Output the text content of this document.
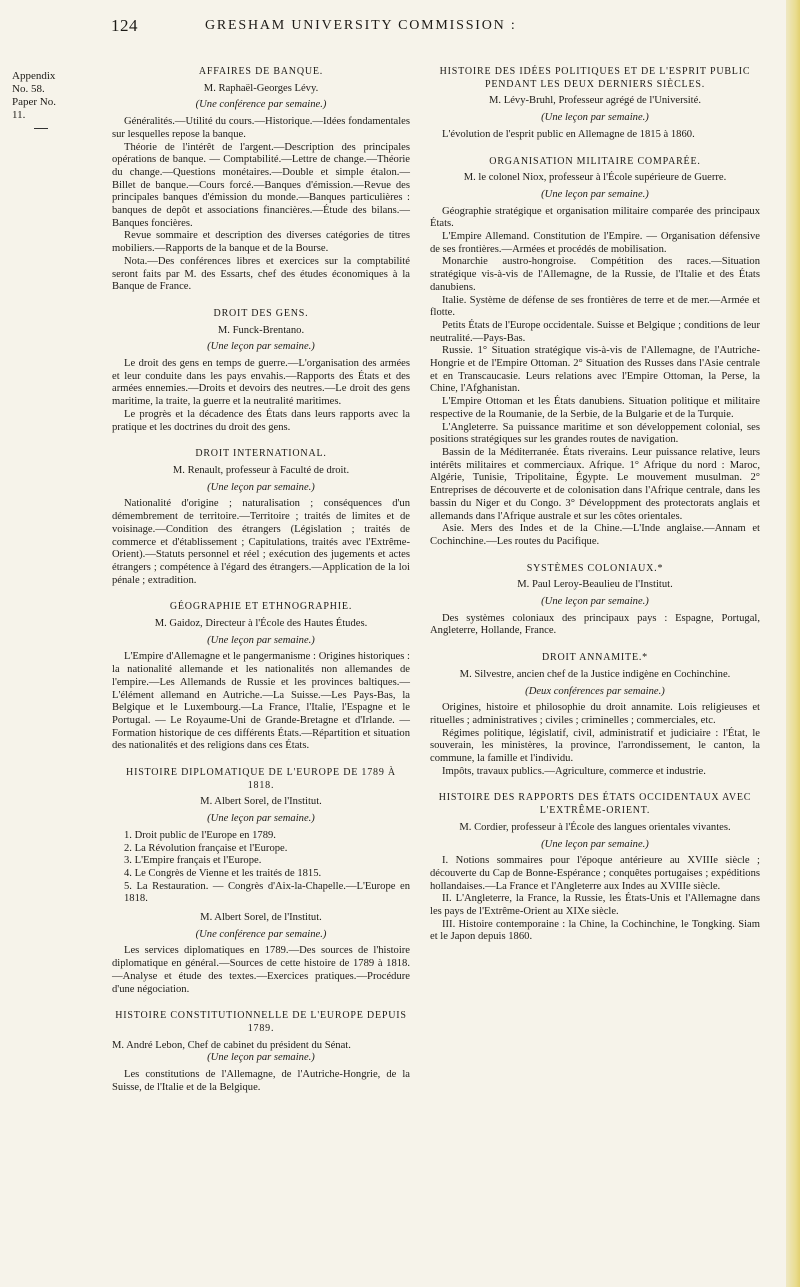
124	GRESHAM UNIVERSITY COMMISSION :
Appendix
No. 58.
Paper No. 11.
AFFAIRES DE BANQUE.
M. Raphaël-Georges Lévy.
(Une conférence par semaine.)

Généralités.—Utilité du cours.—Historique.—Idées fondamentales sur lesquelles repose la banque.

Théorie de l'intérêt de l'argent.—Description des principales opérations de banque. — Comptabilité.—Lettre de change.—Théorie du change.—Questions monétaires.—Double et simple étalon.—Billet de banque.—Cours forcé.—Banques d'émission.—Revue des principales banques d'émission du monde.—Banques particulières : banques de depôt et associations financières.—Étude des bilans.—Banques foncières.

Revue sommaire et description des diverses catégories de titres mobiliers.—Rapports de la banque et de la Bourse.

Nota.—Des conférences libres et exercices sur la comptabilité seront faits par M. des Essarts, chef des études économiques à la Banque de France.

DROIT DES GENS.
M. Funck-Brentano.
(Une leçon par semaine.)

Le droit des gens en temps de guerre.—L'organisation des armées et leur conduite dans les pays envahis.—Rapports des États et des armées ennemies.—Droits et devoirs des neutres.—Le droit des gens maritime, la traite, la guerre et la neutralité maritimes.

Le progrès et la décadence des États dans leurs rapports avec la pratique et les doctrines du droit des gens.

DROIT INTERNATIONAL.
M. Renault, professeur à Faculté de droit.
(Une leçon par semaine.)

Nationalité d'origine ; naturalisation ; conséquences d'un démembrement de territoire.—Territoire ; traités de limites et de voisinage.—Condition des étrangers (Législation ; traités de commerce et d'établissement ; Capitulations, traités avec l'Extrême-Orient).—Statuts personnel et réel ; exécution des jugements et actes étrangers ; compétence à l'égard des étrangers.—Application de la loi pénale ; extradition.

GÉOGRAPHIE ET ETHNOGRAPHIE.
M. Gaidoz, Directeur à l'École des Hautes Études.
(Une leçon par semaine.)

L'Empire d'Allemagne et le pangermanisme : Origines historiques : la nationalité allemande et les nationalités non allemandes de l'empire.—Les Allemands de Russie et les provinces baltiques.—L'élément allemand en Autriche.—La Suisse.—Les Pays-Bas, la Belgique et le Luxembourg.—La France, l'Italie, l'Espagne et le Portugal. — Le Royaume-Uni de Grande-Bretagne et d'Irlande. — Formation historique de ces différents États.—Répartition et situation des nationalités et des religions dans ces États.

HISTOIRE DIPLOMATIQUE DE L'EUROPE DE 1789 À 1818.
M. Albert Sorel, de l'Institut.
(Une leçon par semaine.)
1. Droit public de l'Europe en 1789.
2. La Révolution française et l'Europe.
3. L'Empire français et l'Europe.
4. Le Congrès de Vienne et les traités de 1815.
5. La Restauration. — Congrès d'Aix-la-Chapelle.—L'Europe en 1818.
M. Albert Sorel, de l'Institut.
(Une conférence par semaine.)

Les services diplomatiques en 1789.—Des sources de l'histoire diplomatique en général.—Sources de cette histoire de 1789 à 1818.—Analyse et étude des textes.—Exercices pratiques.—Procédure d'une négociation.

HISTOIRE CONSTITUTIONNELLE DE L'EUROPE DEPUIS 1789.

M. André Lebon, Chef de cabinet du président du Sénat.

(Une leçon par semaine.)

Les constitutions de l'Allemagne, de l'Autriche-Hongrie, de la Suisse, de l'Italie et de la Belgique.

HISTOIRE DES IDÉES POLITIQUES ET DE L'ESPRIT PUBLIC PENDANT LES DEUX DERNIERS SIÈCLES.
M. Lévy-Bruhl, Professeur agrégé de l'Université.
(Une leçon par semaine.)

L'évolution de l'esprit public en Allemagne de 1815 à 1860.

ORGANISATION MILITAIRE COMPARÉE.
M. le colonel Niox, professeur à l'École supérieure de Guerre.
(Une leçon par semaine.)

Géographie stratégique et organisation militaire comparée des principaux États.

L'Empire Allemand. Constitution de l'Empire. — Organisation défensive de ses frontières.—Armées et procédés de mobilisation.

Monarchie austro-hongroise. Compétition des races.—Situation stratégique vis-à-vis de l'Allemagne, de la Russie, de l'Italie et des États danubiens.

Italie. Système de défense de ses frontières de terre et de mer.—Armée et flotte.

Petits États de l'Europe occidentale. Suisse et Belgique ; conditions de leur neutralité.—Pays-Bas.

Russie. 1° Situation stratégique vis-à-vis de l'Allemagne, de l'Autriche-Hongrie et de l'Empire Ottoman. 2° Situation des Russes dans l'Asie centrale et en Transcaucasie. Leurs relations avec l'Empire Ottoman, la Perse, la Chine, l'Afghanistan.

L'Empire Ottoman et les États danubiens. Situation politique et militaire respective de la Roumanie, de la Serbie, de la Bulgarie et de la Turquie.

L'Angleterre. Sa puissance maritime et son développement colonial, ses positions stratégiques sur les grandes routes de navigation.

Bassin de la Méditerranée. États riverains. Leur puissance relative, leurs intérêts militaires et commerciaux. Afrique. 1° Afrique du nord : Maroc, Algérie, Tunisie, Tripolitaine, Égypte. Le mouvement musulman. 2° Entreprises de découverte et de colonisation dans l'Afrique centrale, dans les bassin du Niger et du Congo. 3° Développment des protectorats anglais et allemands dans l'Afrique australe et sur les côtes orientales.

Asie. Mers des Indes et de la Chine.—L'Inde anglaise.—Annam et Cochinchine.—Les routes du Pacifique.

SYSTÈMES COLONIAUX.*
M. Paul Leroy-Beaulieu de l'Institut.
(Une leçon par semaine.)

Des systèmes coloniaux des principaux pays : Espagne, Portugal, Angleterre, Hollande, France.

DROIT ANNAMITE.*
M. Silvestre, ancien chef de la Justice indigène en Cochinchine.
(Deux conférences par semaine.)

Origines, histoire et philosophie du droit annamite. Lois religieuses et rituelles ; administratives ; civiles ; criminelles ; commerciales, etc.

Régimes politique, législatif, civil, administratif et judiciaire : l'État, le souverain, les ministères, la province, l'arrondissement, le canton, la commune, la famille et l'individu.

Impôts, travaux publics.—Agriculture, commerce et industrie.

HISTOIRE DES RAPPORTS DES ÉTATS OCCIDENTAUX AVEC L'EXTRÊME-ORIENT.
M. Cordier, professeur à l'École des langues orientales vivantes.
(Une leçon par semaine.)

I. Notions sommaires pour l'époque antérieure au XVIIIe siècle ; découverte du Cap de Bonne-Espérance ; conquêtes portugaises ; expéditions hollandaises.—La France et l'Angleterre aux Indes au XVIIIe siècle.

II. L'Angleterre, la France, la Russie, les États-Unis et l'Allemagne dans les pays de l'Extrême-Orient au XIXe siècle.

III. Histoire contemporaine : la Chine, la Cochinchine, le Tongking. Siam et le Japon depuis 1860.
